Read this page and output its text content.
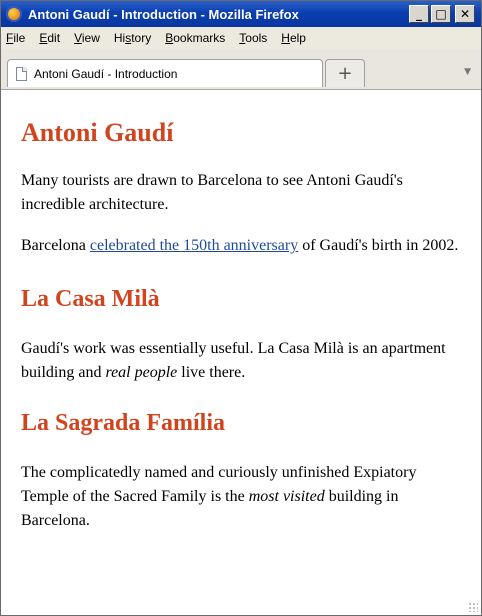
Antoni Gaudí - Introduction - Mozilla Firefox	_	□	✕
File	Edit	View	History	Bookmarks	Tools	Help
Antoni Gaudí - Introduction	+	▼
Antoni Gaudí

Many tourists are drawn to Barcelona to see Antoni Gaudí's incredible architecture.

Barcelona celebrated the 150th anniversary of Gaudí's birth in 2002.

La Casa Milà

Gaudí's work was essentially useful. La Casa Milà is an apartment building and real people live there.

La Sagrada Família

The complicatedly named and curiously unfinished Expiatory Temple of the Sacred Family is the most visited building in Barcelona.
